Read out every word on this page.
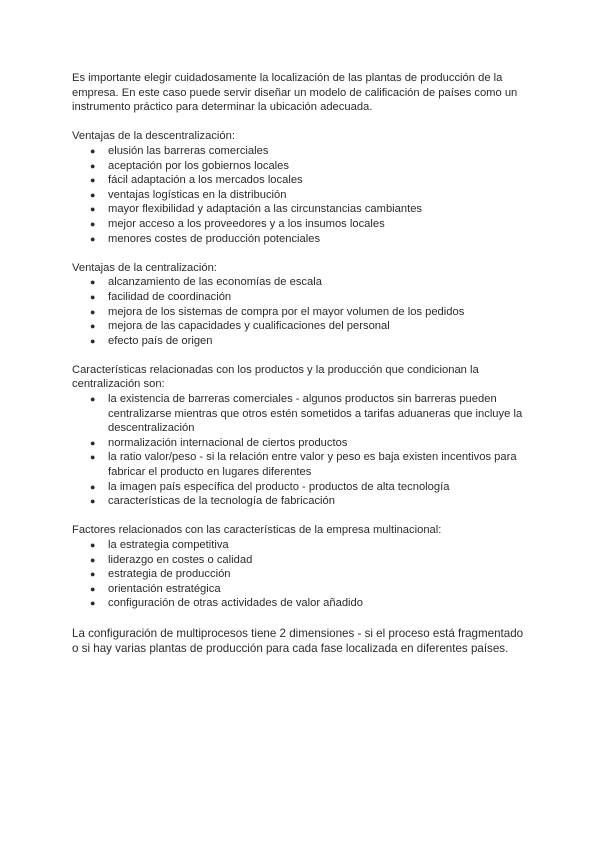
Es importante elegir cuidadosamente la localización de las plantas de producción de la empresa. En este caso puede servir diseñar un modelo de calificación de países como un instrumento práctico para determinar la ubicación adecuada.

Ventajas de la descentralización:

● elusión las barreras comerciales
● aceptación por los gobiernos locales
● fácil adaptación a los mercados locales
● ventajas logísticas en la distribución
● mayor flexibilidad y adaptación a las circunstancias cambiantes
● mejor acceso a los proveedores y a los insumos locales
● menores costes de producción potenciales

Ventajas de la centralización:

● alcanzamiento de las economías de escala
● facilidad de coordinación
● mejora de los sistemas de compra por el mayor volumen de los pedidos
● mejora de las capacidades y cualificaciones del personal
● efecto país de origen

Características relacionadas con los productos y la producción que condicionan la centralización son:

● la existencia de barreras comerciales - algunos productos sin barreras pueden centralizarse mientras que otros estén sometidos a tarifas aduaneras que incluye la descentralización
● normalización internacional de ciertos productos
● la ratio valor/peso - si la relación entre valor y peso es baja existen incentivos para fabricar el producto en lugares diferentes
● la imagen país específica del producto - productos de alta tecnología
● características de la tecnología de fabricación

Factores relacionados con las características de la empresa multinacional:

● la estrategia competitiva
● liderazgo en costes o calidad
● estrategia de producción
● orientación estratégica
● configuración de otras actividades de valor añadido

La configuración de multiprocesos tiene 2 dimensiones - si el proceso está fragmentado o si hay varias plantas de producción para cada fase localizada en diferentes países.
